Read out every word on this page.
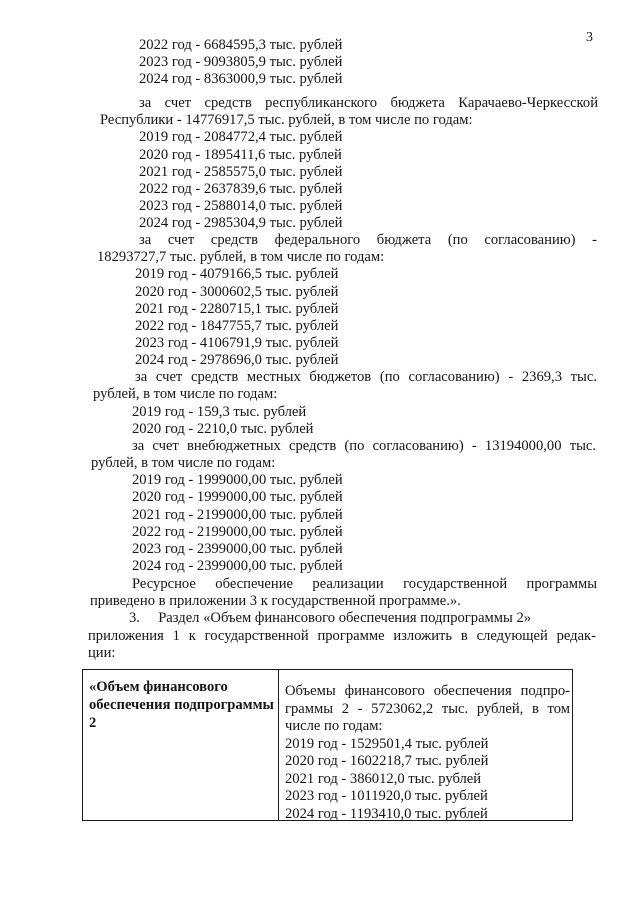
3
2022 год - 6684595,3 тыс. рублей
2023 год - 9093805,9 тыс. рублей
2024 год - 8363000,9 тыс. рублей
за счет средств республиканского бюджета Карачаево-Черкесской
Республики - 14776917,5 тыс. рублей, в том числе по годам:
2019 год - 2084772,4 тыс. рублей
2020 год - 1895411,6 тыс. рублей
2021 год - 2585575,0 тыс. рублей
2022 год - 2637839,6 тыс. рублей
2023 год - 2588014,0 тыс. рублей
2024 год - 2985304,9 тыс. рублей
за счет средств федерального бюджета (по согласованию) -
18293727,7 тыс. рублей, в том числе по годам:
2019 год - 4079166,5 тыс. рублей
2020 год - 3000602,5 тыс. рублей
2021 год - 2280715,1 тыс. рублей
2022 год - 1847755,7 тыс. рублей
2023 год - 4106791,9 тыс. рублей
2024 год - 2978696,0 тыс. рублей
за счет средств местных бюджетов (по согласованию) - 2369,3 тыс.
рублей, в том числе по годам:
2019 год - 159,3 тыс. рублей
2020 год - 2210,0 тыс. рублей
за счет внебюджетных средств (по согласованию) - 13194000,00 тыс.
рублей, в том числе по годам:
2019 год - 1999000,00 тыс. рублей
2020 год - 1999000,00 тыс. рублей
2021 год - 2199000,00 тыс. рублей
2022 год - 2199000,00 тыс. рублей
2023 год - 2399000,00 тыс. рублей
2024 год - 2399000,00 тыс. рублей
Ресурсное обеспечение реализации государственной программы
приведено в приложении 3 к государственной программе.».
3.     Раздел «Объем финансового обеспечения подпрограммы 2»
приложения 1 к государственной программе изложить в следующей редак-
ции:
«Объем финансового обеспечения подпрограммы 2
Объемы финансового обеспечения подпро-
граммы 2 - 5723062,2 тыс. рублей, в том
числе по годам:
2019 год - 1529501,4 тыс. рублей
2020 год - 1602218,7 тыс. рублей
2021 год - 386012,0 тыс. рублей
2023 год - 1011920,0 тыс. рублей
2024 год - 1193410,0 тыс. рублей
